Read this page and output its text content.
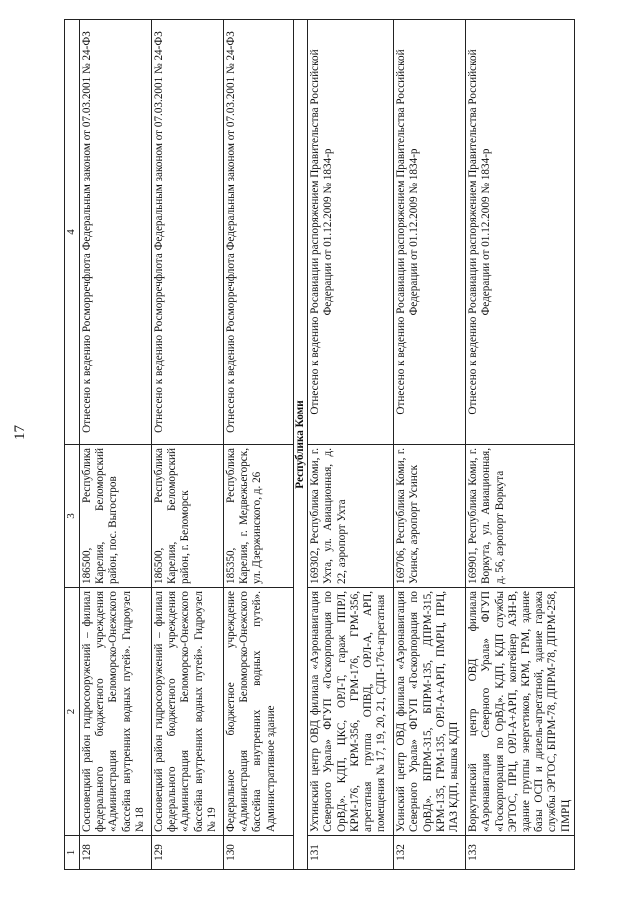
17
1	2	3	4
128	Сосновецкий район гидросооружений – филиал федерального бюджетного учреждения «Администрация Беломорско-Онежского бассейна внутренних водных путей». Гидроузел № 18	186500, Республика Карелия, Беломорский район, пос. Выгостров	Отнесено к ведению Росморречфлота Федеральным законом от 07.03.2001 № 24-ФЗ
129	Сосновецкий район гидросооружений – филиал федерального бюджетного учреждения «Администрация Беломорско-Онежского бассейна внутренних водных путей». Гидроузел № 19	186500, Республика Карелия, Беломорский район, г. Беломорск	Отнесено к ведению Росморречфлота Федеральным законом от 07.03.2001 № 24-ФЗ
130	Федеральное бюджетное учреждение «Администрация Беломорско-Онежского бассейна внутренних водных путей». Административное здание	185350, Республика Карелия, г. Медвежьегорск, ул. Дзержинского, д. 26	Отнесено к ведению Росморречфлота Федеральным законом от 07.03.2001 № 24-ФЗ
Республика Коми			
131	Ухтинский центр ОВД филиала «Аэронавигация Северного Урала» ФГУП «Госкорпорация по ОрВД». КДП, ЦКС, ОРЛ-Т, гараж ППРЛ, КРМ-176, КРМ-356, ГРМ-176, ГРМ-356, агрегатная группа ОПВД, ОРЛ-А, АРП, помещения № 17, 19, 20, 21, СДП-176+агрегатная	169302, Республика Коми, г. Ухта, ул. Авиационная, д. 22, аэропорт Ухта	Отнесено к ведению Росавиации распоряжением Правительства Российской Федерации от 01.12.2009 № 1834-р
132	Усинский центр ОВД филиала «Аэронавигация Северного Урала» ФГУП «Госкорпорация по ОрВД». БПРМ-315, БПРМ-135, ДПРМ-315, КРМ-135, ГРМ-135, ОРЛ-А+АРП, ПМРЦ, ПРЦ, ЛАЗ КДП, вышка КДП	169706, Республика Коми, г. Усинск, аэропорт Усинск	Отнесено к ведению Росавиации распоряжением Правительства Российской Федерации от 01.12.2009 № 1834-р
133	Воркутинский центр ОВД филиала «Аэронавигация Северного Урала» ФГУП «Госкорпорация по ОрВД». КДП, КДП службы ЭРТОС, ПРЦ, ОРЛ-А+АРП, контейнер АЗН-В, здание группы энергетиков, КРМ, ГРМ, здание базы ОСП и дизель-агрегатной, здание гаража службы ЭРТОС, БПРМ-78, ДПРМ-78, ДПРМ-258, ПМРЦ	169901, Республика Коми, г. Воркута, ул. Авиационная, д. 56, аэропорт Воркута	Отнесено к ведению Росавиации распоряжением Правительства Российской Федерации от 01.12.2009 № 1834-р
